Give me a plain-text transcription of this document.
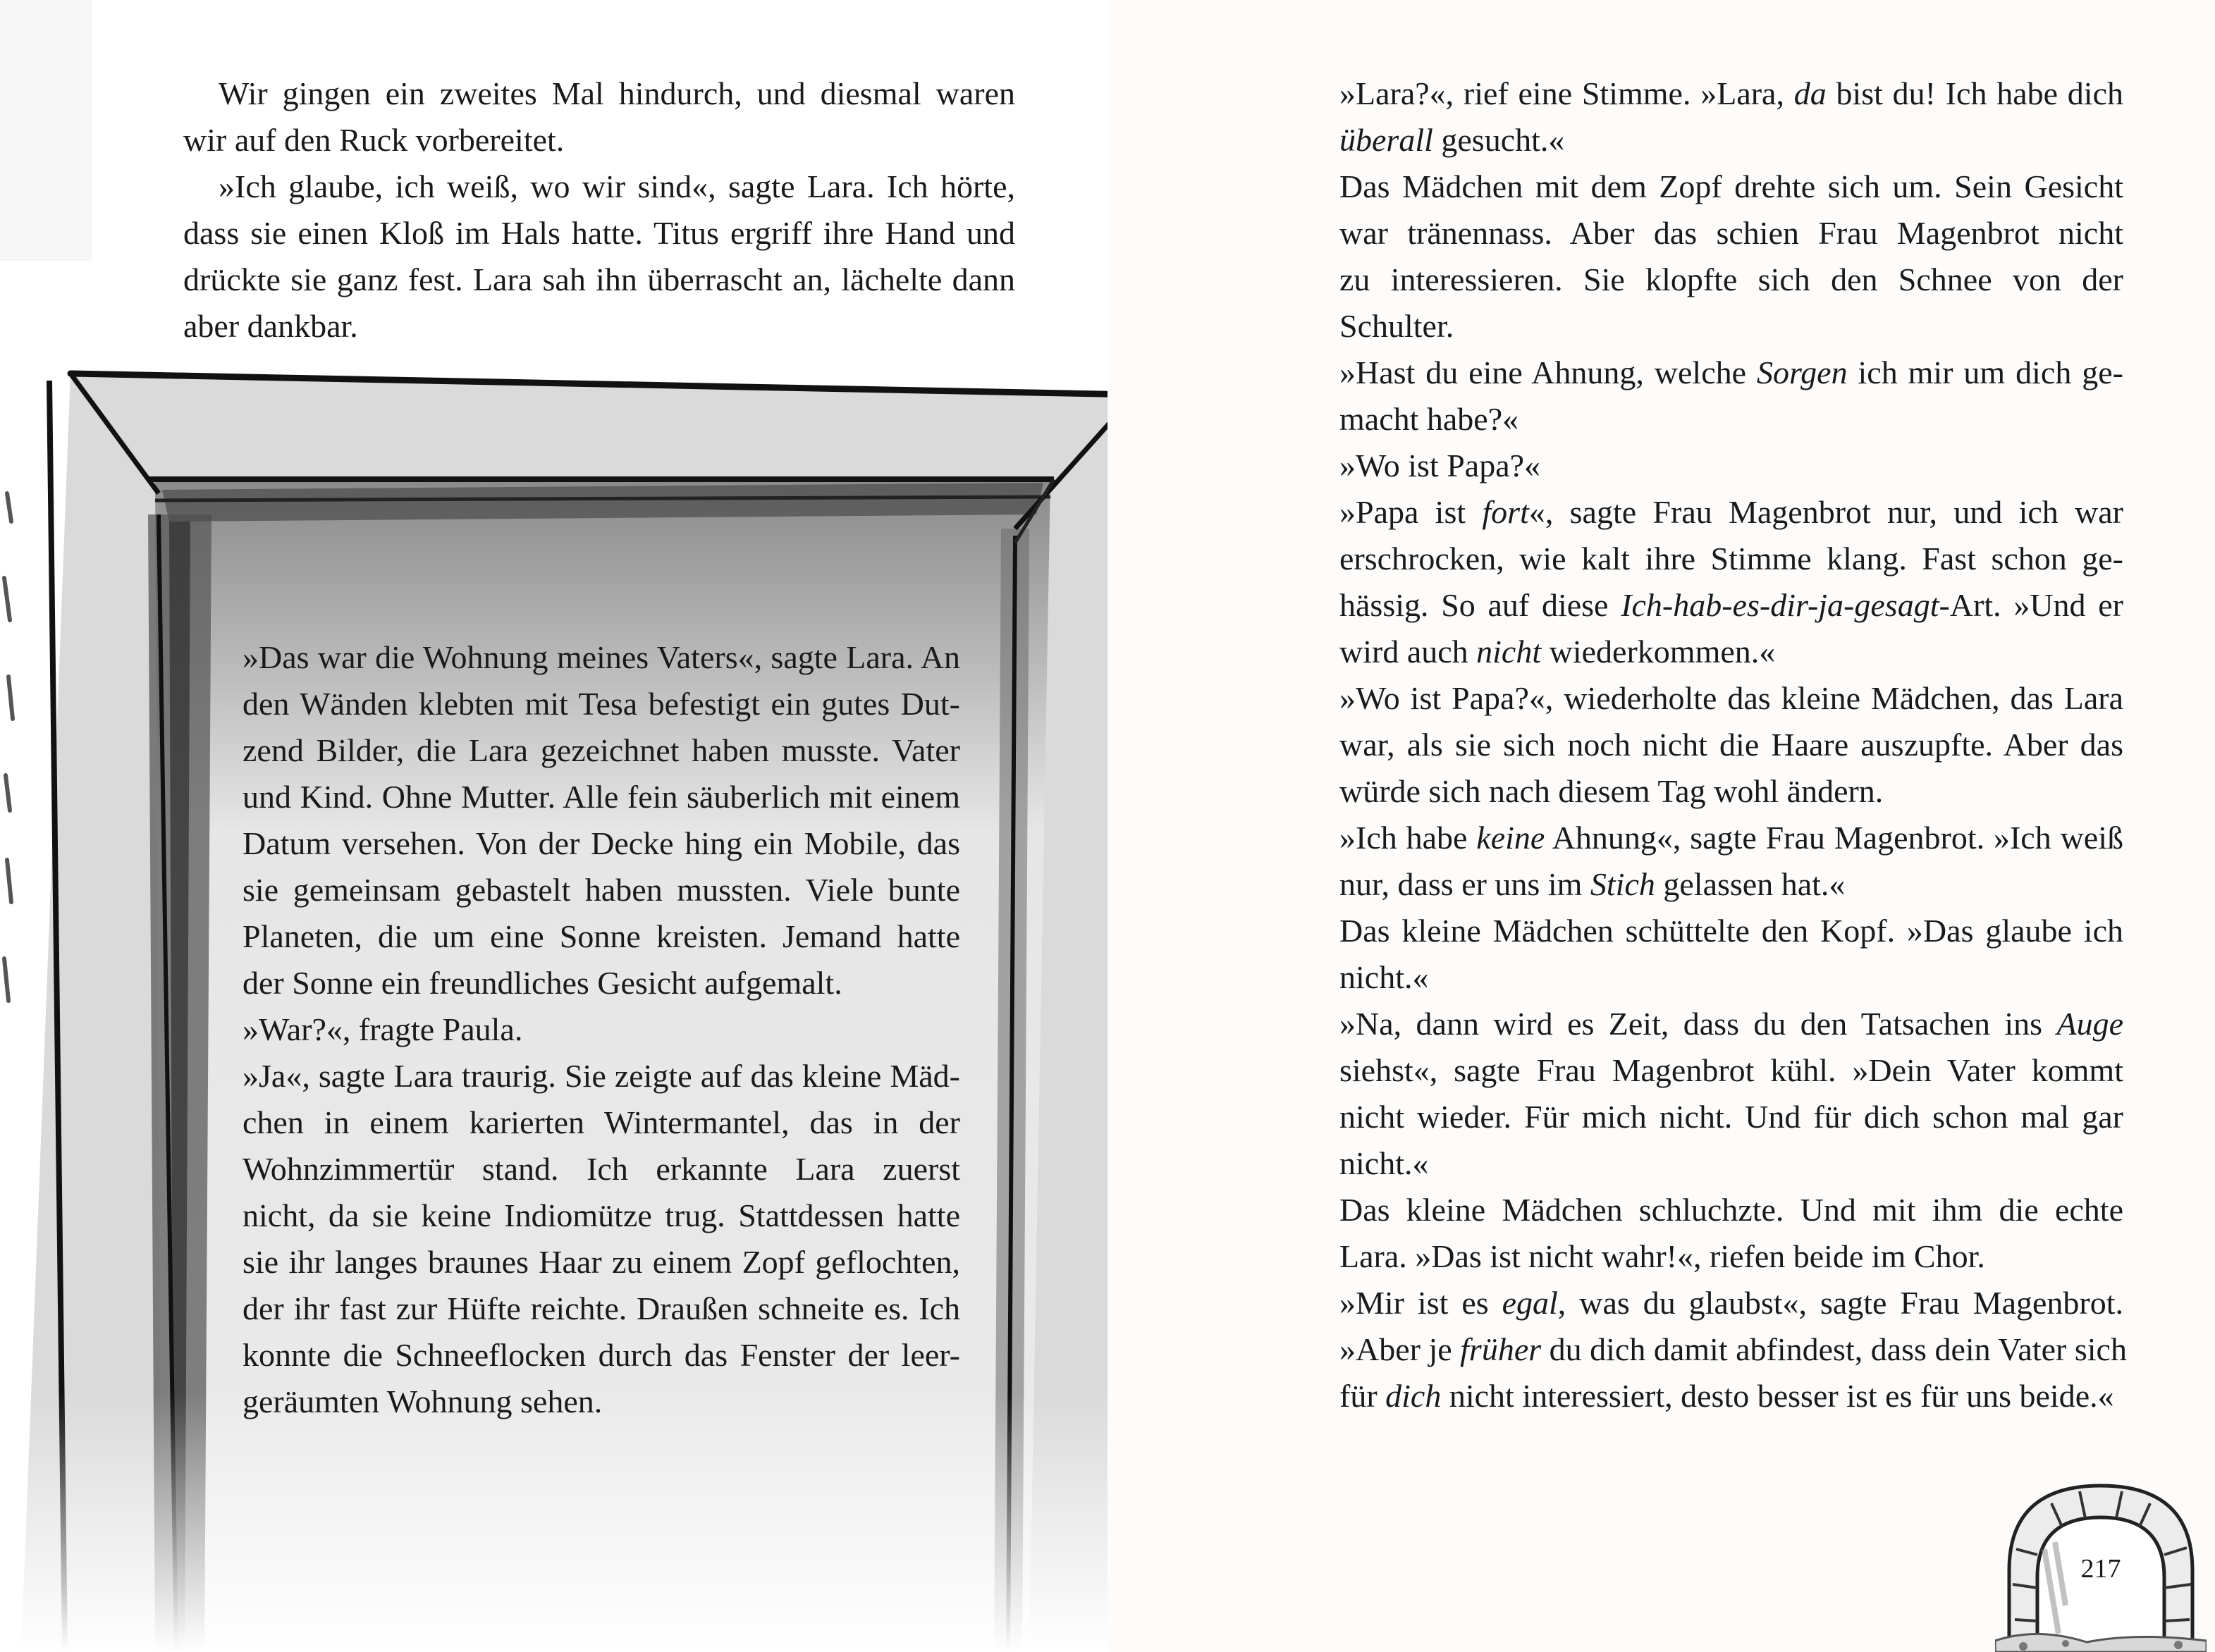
Wir gingen ein zweites Mal hindurch, und diesmal waren
wir auf den Ruck vorbereitet.
»Ich glaube, ich weiß, wo wir sind«, sagte Lara. Ich hörte,
dass sie einen Kloß im Hals hatte. Titus ergriff ihre Hand und
drückte sie ganz fest. Lara sah ihn überrascht an, lächelte dann
aber dankbar.
»Das war die Wohnung meines Vaters«, sagte Lara. An
den Wänden klebten mit Tesa befestigt ein gutes Dut-
zend Bilder, die Lara gezeichnet haben musste. Vater
und Kind. Ohne Mutter. Alle fein säuberlich mit einem
Datum versehen. Von der Decke hing ein Mobile, das
sie gemeinsam gebastelt haben mussten. Viele bunte
Planeten, die um eine Sonne kreisten. Jemand hatte
der Sonne ein freundliches Gesicht aufgemalt.
»War?«, fragte Paula.
»Ja«, sagte Lara traurig. Sie zeigte auf das kleine Mäd-
chen in einem karierten Wintermantel, das in der
Wohnzimmertür stand. Ich erkannte Lara zuerst
nicht, da sie keine Indiomütze trug. Stattdessen hatte
sie ihr langes braunes Haar zu einem Zopf geflochten,
der ihr fast zur Hüfte reichte. Draußen schneite es. Ich
konnte die Schneeflocken durch das Fenster der leer-
geräumten Wohnung sehen.
»Lara?«, rief eine Stimme. »Lara, da bist du! Ich habe dich
überall gesucht.«
Das Mädchen mit dem Zopf drehte sich um. Sein Gesicht
war tränennass. Aber das schien Frau Magenbrot nicht
zu interessieren. Sie klopfte sich den Schnee von der
Schulter.
»Hast du eine Ahnung, welche Sorgen ich mir um dich ge-
macht habe?«
»Wo ist Papa?«
»Papa ist fort«, sagte Frau Magenbrot nur, und ich war
erschrocken, wie kalt ihre Stimme klang. Fast schon ge-
hässig. So auf diese Ich-hab-es-dir-ja-gesagt-Art. »Und er
wird auch nicht wiederkommen.«
»Wo ist Papa?«, wiederholte das kleine Mädchen, das Lara
war, als sie sich noch nicht die Haare auszupfte. Aber das
würde sich nach diesem Tag wohl ändern.
»Ich habe keine Ahnung«, sagte Frau Magenbrot. »Ich weiß
nur, dass er uns im Stich gelassen hat.«
Das kleine Mädchen schüttelte den Kopf. »Das glaube ich
nicht.«
»Na, dann wird es Zeit, dass du den Tatsachen ins Auge
siehst«, sagte Frau Magenbrot kühl. »Dein Vater kommt
nicht wieder. Für mich nicht. Und für dich schon mal gar
nicht.«
Das kleine Mädchen schluchzte. Und mit ihm die echte
Lara. »Das ist nicht wahr!«, riefen beide im Chor.
»Mir ist es egal, was du glaubst«, sagte Frau Magenbrot.
»Aber je früher du dich damit abfindest, dass dein Vater sich
für dich nicht interessiert, desto besser ist es für uns beide.«
217
